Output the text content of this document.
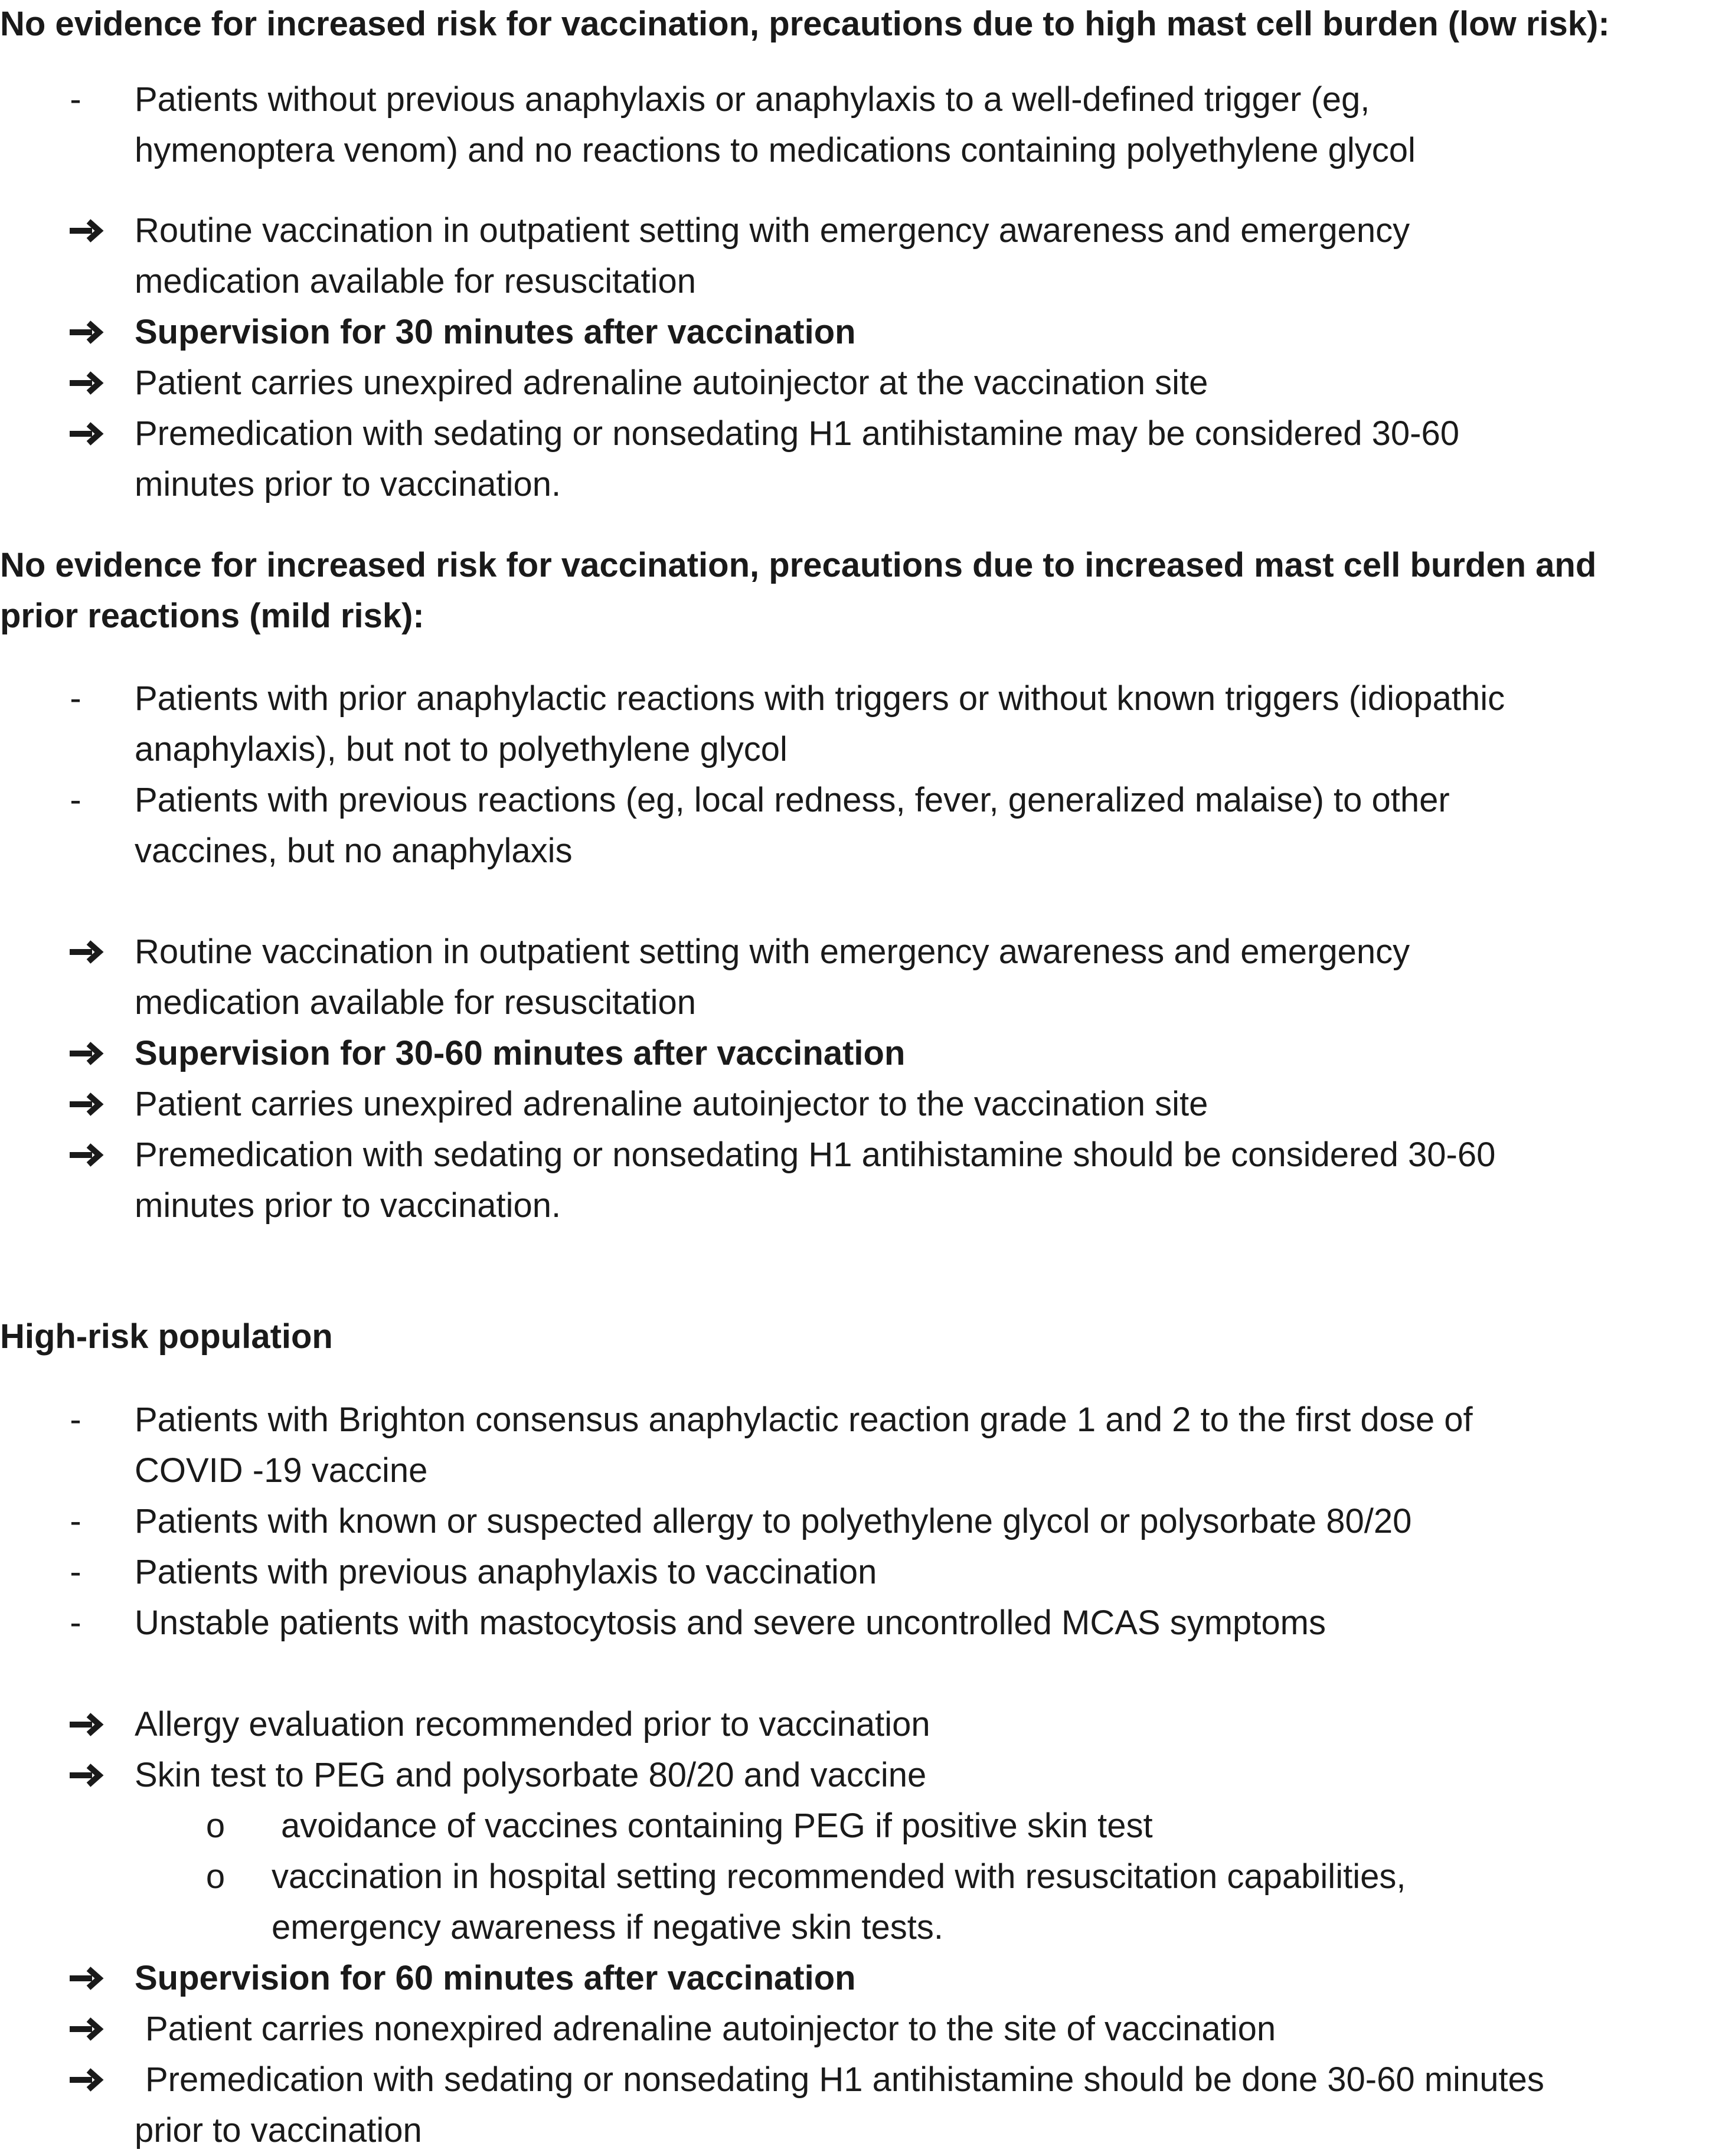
No evidence for increased risk for vaccination, precautions due to high mast cell burden (low risk):

- Patients without previous anaphylaxis or anaphylaxis to a well-defined trigger (eg,

hymenoptera venom) and no reactions to medications containing polyethylene glycol

Routine vaccination in outpatient setting with emergency awareness and emergency

medication available for resuscitation

Supervision for 30 minutes after vaccination

Patient carries unexpired adrenaline autoinjector at the vaccination site

Premedication with sedating or nonsedating H1 antihistamine may be considered 30-60

minutes prior to vaccination.

No evidence for increased risk for vaccination, precautions due to increased mast cell burden and

prior reactions (mild risk):

- Patients with prior anaphylactic reactions with triggers or without known triggers (idiopathic

anaphylaxis), but not to polyethylene glycol

- Patients with previous reactions (eg, local redness, fever, generalized malaise) to other

vaccines, but no anaphylaxis

Routine vaccination in outpatient setting with emergency awareness and emergency

medication available for resuscitation

Supervision for 30-60 minutes after vaccination

Patient carries unexpired adrenaline autoinjector to the vaccination site

Premedication with sedating or nonsedating H1 antihistamine should be considered 30-60

minutes prior to vaccination.

High-risk population

- Patients with Brighton consensus anaphylactic reaction grade 1 and 2 to the first dose of

COVID -19 vaccine

- Patients with known or suspected allergy to polyethylene glycol or polysorbate 80/20

- Patients with previous anaphylaxis to vaccination

- Unstable patients with mastocytosis and severe uncontrolled MCAS symptoms

Allergy evaluation recommended prior to vaccination

Skin test to PEG and polysorbate 80/20 and vaccine

o avoidance of vaccines containing PEG if positive skin test

o vaccination in hospital setting recommended with resuscitation capabilities,

emergency awareness if negative skin tests.

Supervision for 60 minutes after vaccination

Patient carries nonexpired adrenaline autoinjector to the site of vaccination

Premedication with sedating or nonsedating H1 antihistamine should be done 30-60 minutes

prior to vaccination
